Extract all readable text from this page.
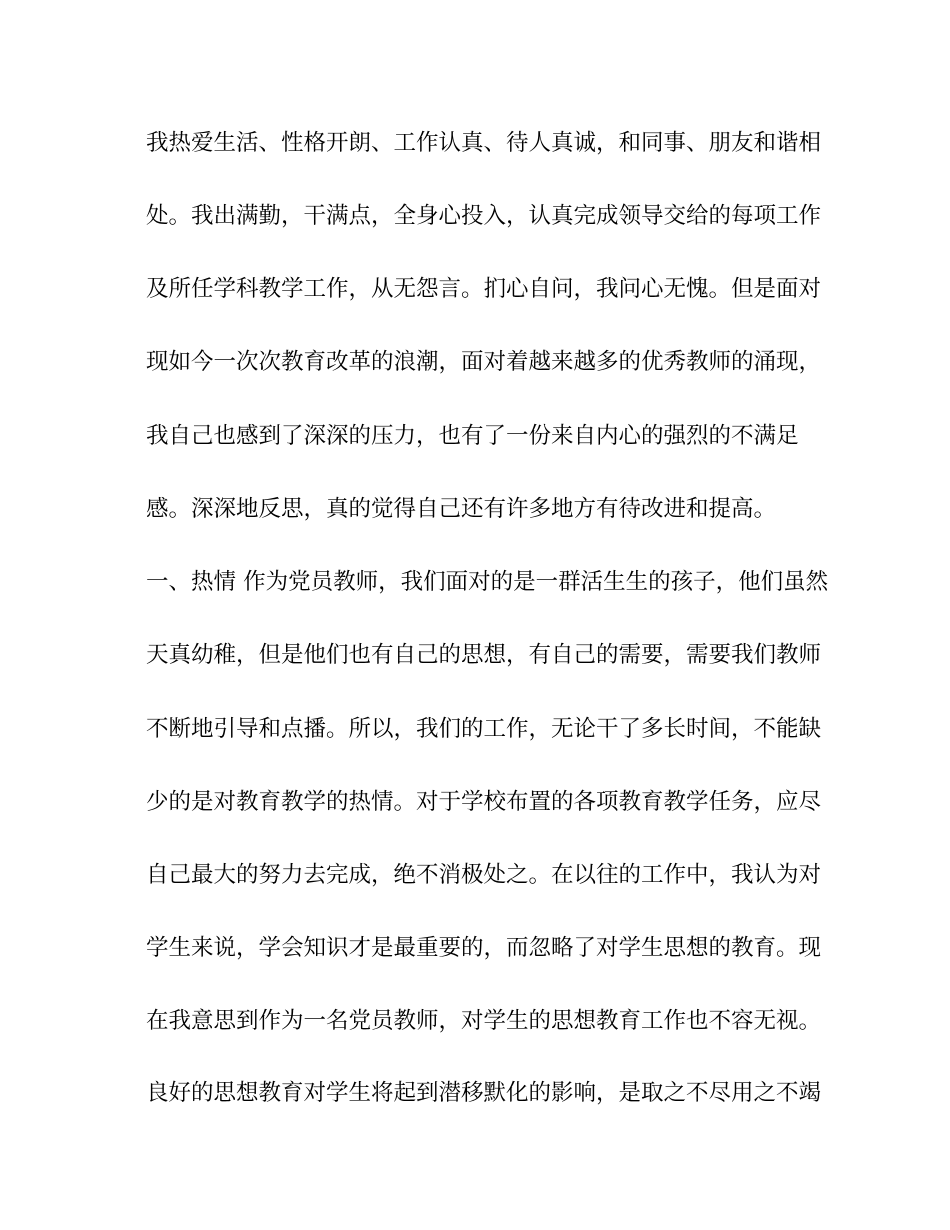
我热爱生活、性格开朗、工作认真、待人真诚，和同事、朋友和谐相
处。我出满勤，干满点，全身心投入，认真完成领导交给的每项工作
及所任学科教学工作，从无怨言。扪心自问，我问心无愧。但是面对
现如今一次次教育改革的浪潮，面对着越来越多的优秀教师的涌现，
我自己也感到了深深的压力，也有了一份来自内心的强烈的不满足
感。深深地反思，真的觉得自己还有许多地方有待改进和提高。
一、热情 作为党员教师，我们面对的是一群活生生的孩子，他们虽然
天真幼稚，但是他们也有自己的思想，有自己的需要，需要我们教师
不断地引导和点播。所以，我们的工作，无论干了多长时间，不能缺
少的是对教育教学的热情。对于学校布置的各项教育教学任务，应尽
自己最大的努力去完成，绝不消极处之。在以往的工作中，我认为对
学生来说，学会知识才是最重要的，而忽略了对学生思想的教育。现
在我意思到作为一名党员教师，对学生的思想教育工作也不容无视。
良好的思想教育对学生将起到潜移默化的影响，是取之不尽用之不竭
